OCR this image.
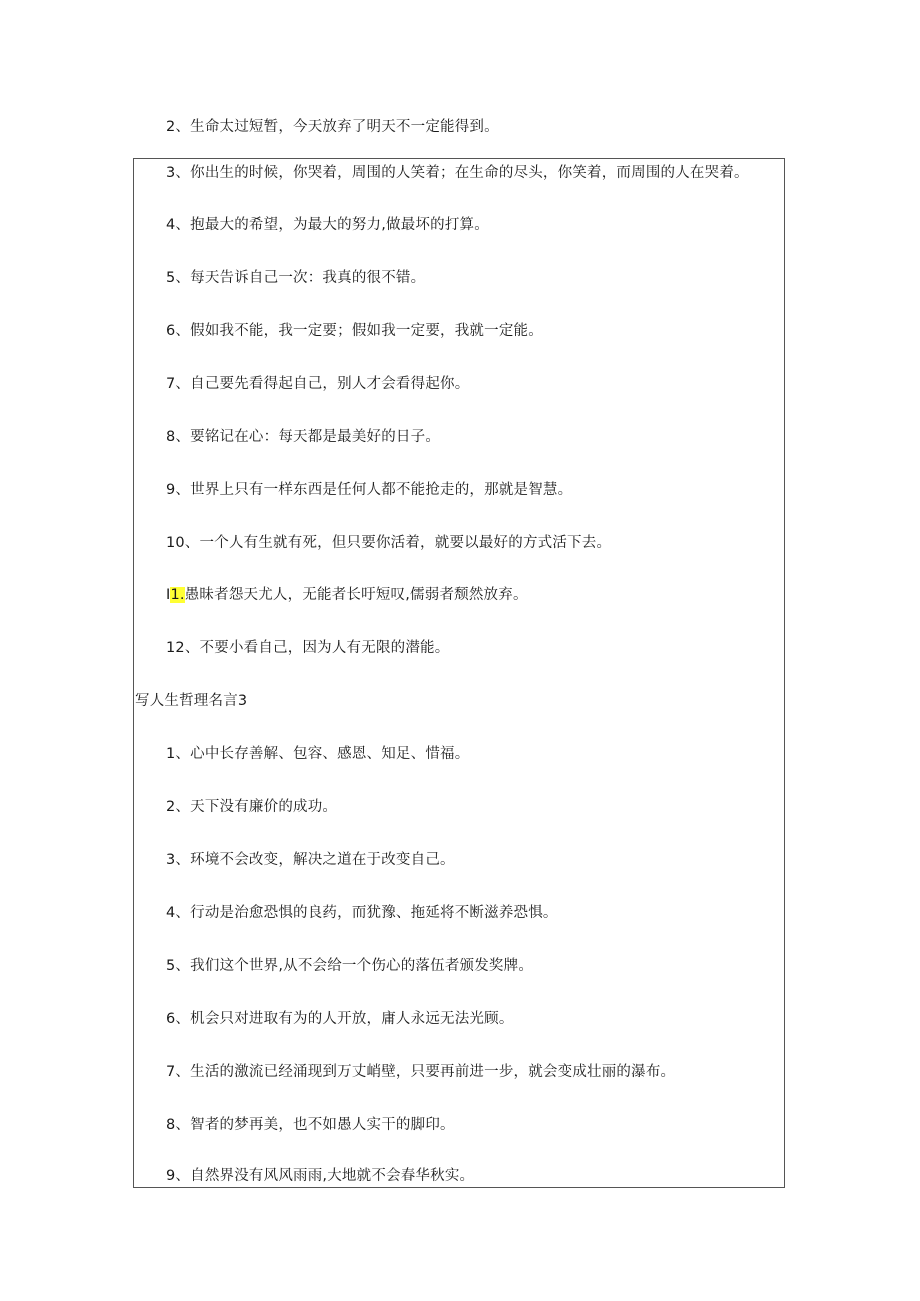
2、生命太过短暂，今天放弃了明天不一定能得到。
3、你出生的时候，你哭着，周围的人笑着；在生命的尽头，你笑着，而周围的人在哭着。
4、抱最大的希望，为最大的努力,做最坏的打算。
5、每天告诉自己一次：我真的很不错。
6、假如我不能，我一定要；假如我一定要，我就一定能。
7、自己要先看得起自己，别人才会看得起你。
8、要铭记在心：每天都是最美好的日子。
9、世界上只有一样东西是任何人都不能抢走的，那就是智慧。
10、一个人有生就有死，但只要你活着，就要以最好的方式活下去。
I1.愚昧者怨天尤人，无能者长吁短叹,儒弱者颓然放弃。
12、不要小看自己，因为人有无限的潜能。
写人生哲理名言3
1、心中长存善解、包容、感恩、知足、惜福。
2、天下没有廉价的成功。
3、环境不会改变，解决之道在于改变自己。
4、行动是治愈恐惧的良药，而犹豫、拖延将不断滋养恐惧。
5、我们这个世界,从不会给一个伤心的落伍者颁发奖牌。
6、机会只对进取有为的人开放，庸人永远无法光顾。
7、生活的激流已经涌现到万丈峭壁，只要再前进一步，就会变成壮丽的瀑布。
8、智者的梦再美，也不如愚人实干的脚印。
9、自然界没有风风雨雨,大地就不会春华秋实。
